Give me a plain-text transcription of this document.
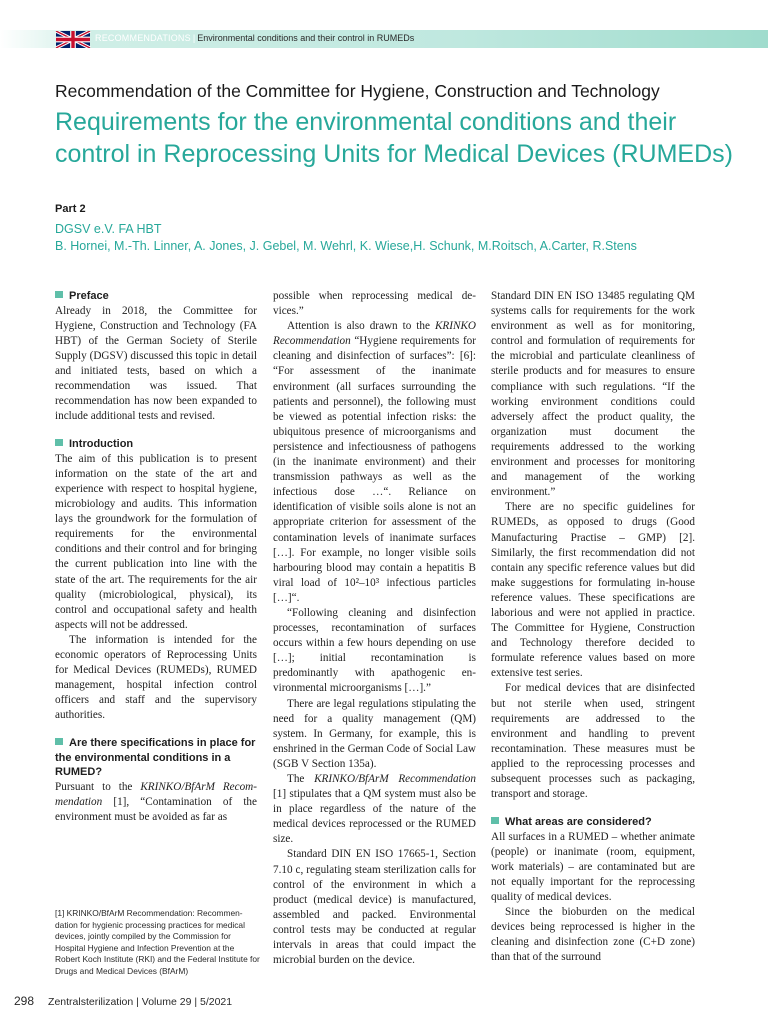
RECOMMENDATIONS | Environmental conditions and their control in RUMEDs
Recommendation of the Committee for Hygiene, Construction and Technology
Requirements for the environmental conditions and their control in Reprocessing Units for Medical Devices (RUMEDs)
Part 2
DGSV e.V. FA HBT
B. Hornei, M.-Th. Linner, A. Jones, J. Gebel, M. Wehrl, K. Wiese,H. Schunk, M.Roitsch, A.Carter, R.Stens
Preface

Already in 2018, the Committee for Hygiene, Construction and Technology (FA HBT) of the German Society of Sterile Supply (DGSV) discussed this topic in detail and initiated tests, based on which a recommendation was issued. That recommendation has now been expanded to include additional tests and revised.

Introduction

The aim of this publication is to present information on the state of the art and experience with respect to hospital hygiene, microbiology and audits. This information lays the groundwork for the formulation of requirements for the environmental conditions and their control and for bringing the current publication into line with the state of the art. The requirements for the air quality (microbiological, physical), its control and occupational safety and health aspects will not be addressed.

The information is intended for the economic operators of Reprocessing Units for Medical Devices (RUMEDs), RUMED management, hospital infection control officers and staff and the supervisory authorities.

Are there specifications in place for the environmental conditions in a RUMED?

Pursuant to the KRINKO/BfArM Recommendation [1], “Contamination of the environment must be avoided as far as

possible when reprocessing medical devices.”

Attention is also drawn to the KRINKO Recommendation “Hygiene requirements for cleaning and disinfection of surfaces”: [6]: “For assessment of the inanimate environment (all surfaces surrounding the patients and personnel), the following must be viewed as potential infection risks: the ubiquitous presence of microorganisms and persistence and infectiousness of pathogens (in the inanimate environment) and their transmission pathways as well as the infectious dose …“. Reliance on identification of visible soils alone is not an appropriate criterion for assessment of the contamination levels of inanimate surfaces […]. For example, no longer visible soils harbouring blood may contain a hepatitis B viral load of 10²–10³ infectious particles […]“.

“Following cleaning and disinfection processes, recontamination of surfaces occurs within a few hours depending on use […]; initial recontamination is predominantly with apathogenic environmental microorganisms […].”

There are legal regulations stipulating the need for a quality management (QM) system. In Germany, for example, this is enshrined in the German Code of Social Law (SGB V Section 135a).

The KRINKO/BfArM Recommendation [1] stipulates that a QM system must also be in place regardless of the nature of the medical devices reprocessed or the RUMED size.

Standard DIN EN ISO 17665-1, Section 7.10 c, regulating steam sterilization calls for control of the environment in which a product (medical device) is manufactured, assembled and packed. Environmental control tests may be conducted at regular intervals in areas that could impact the microbial burden on the device.

Standard DIN EN ISO 13485 regulating QM systems calls for requirements for the work environment as well as for monitoring, control and formulation of requirements for the microbial and particulate cleanliness of sterile products and for measures to ensure compliance with such regulations. “If the working environment conditions could adversely affect the product quality, the organization must document the requirements addressed to the working environment and processes for monitoring and management of the working environment.”

There are no specific guidelines for RUMEDs, as opposed to drugs (Good Manufacturing Practise – GMP) [2]. Similarly, the first recommendation did not contain any specific reference values but did make suggestions for formulating in-house reference values. These specifications are laborious and were not applied in practice. The Committee for Hygiene, Construction and Technology therefore decided to formulate reference values based on more extensive test series.

For medical devices that are disinfected but not sterile when used, stringent requirements are addressed to the environment and handling to prevent recontamination. These measures must be applied to the reprocessing processes and subsequent processes such as packaging, transport and storage.

What areas are considered?

All surfaces in a RUMED – whether animate (people) or inanimate (room, equipment, work materials) – are contaminated but are not equally important for the reprocessing quality of medical devices.

Since the bioburden on the medical devices being reprocessed is higher in the cleaning and disinfection zone (C+D zone) than that of the surround

[1] KRINKO/BfArM Recommendation: Recommendation for hygienic processing practices for medical devices, jointly compiled by the Commission for Hospital Hygiene and Infection Prevention at the Robert Koch Institute (RKI) and the Federal Institute for Drugs and Medical Devices (BfArM)
298 Zentralsterilization | Volume 29 | 5/2021
